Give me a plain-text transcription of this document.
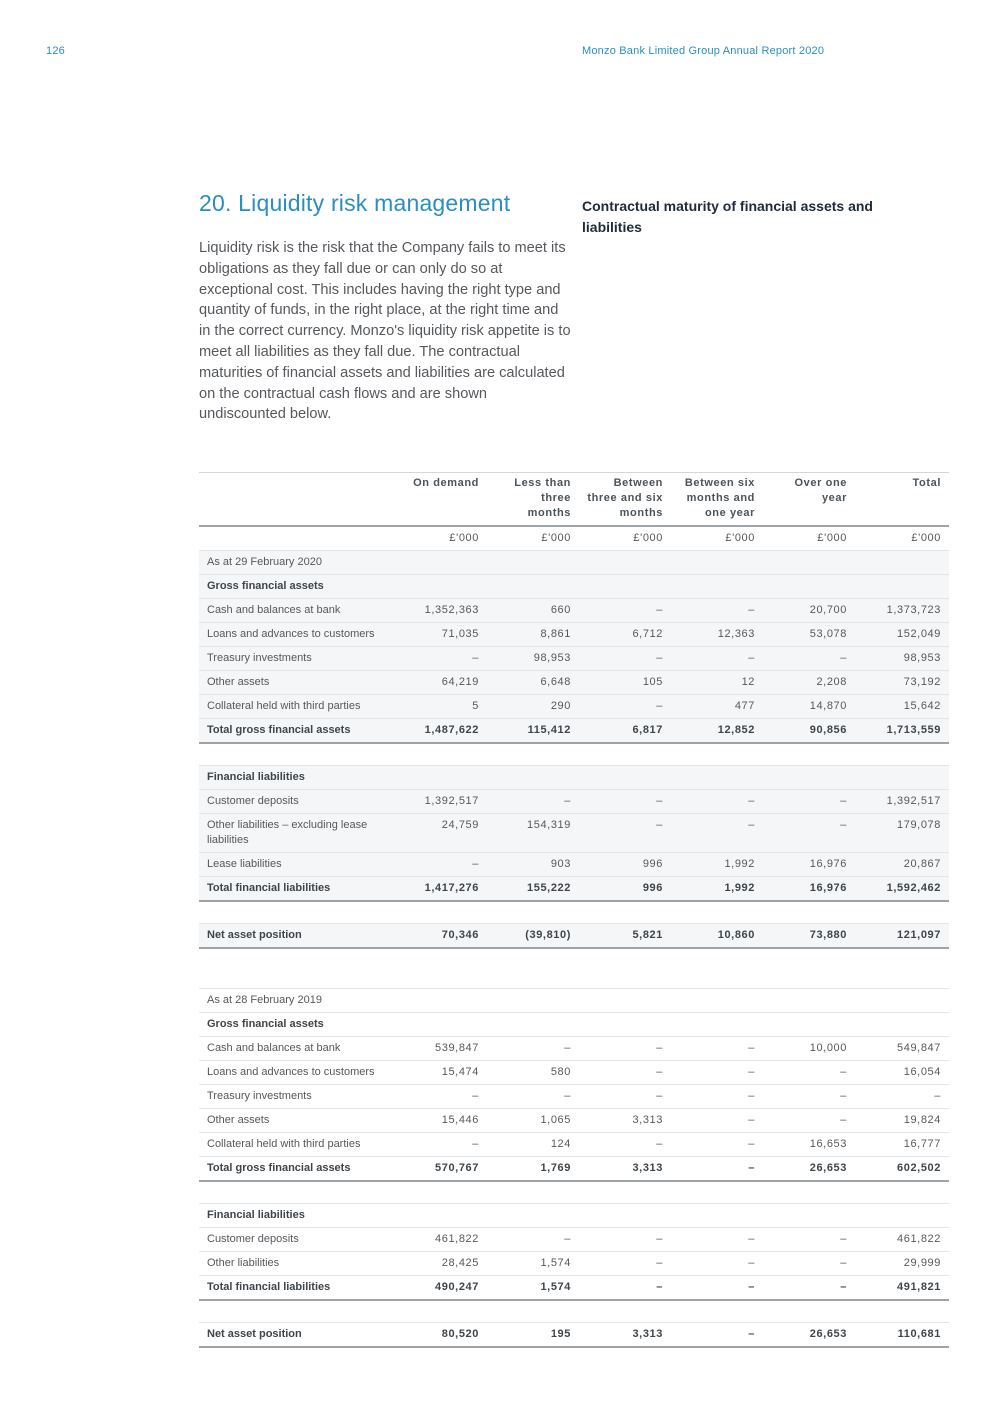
126	Monzo Bank Limited Group Annual Report 2020
20. Liquidity risk management

Liquidity risk is the risk that the Company fails to meet its obligations as they fall due or can only do so at exceptional cost. This includes having the right type and quantity of funds, in the right place, at the right time and in the correct currency. Monzo's liquidity risk appetite is to meet all liabilities as they fall due. The contractual maturities of financial assets and liabilities are calculated on the contractual cash flows and are shown undiscounted below.

Contractual maturity of financial assets and liabilities

	On demand	Less than three months	Between three and six months	Between six months and one year	Over one year	Total
	£'000	£'000	£'000	£'000	£'000	£'000
As at 29 February 2020						
Gross financial assets						
Cash and balances at bank	1,352,363	660	–	–	20,700	1,373,723
Loans and advances to customers	71,035	8,861	6,712	12,363	53,078	152,049
Treasury investments	–	98,953	–	–	–	98,953
Other assets	64,219	6,648	105	12	2,208	73,192
Collateral held with third parties	5	290	–	477	14,870	15,642
Total gross financial assets	1,487,622	115,412	6,817	12,852	90,856	1,713,559

Financial liabilities						
Customer deposits	1,392,517	–	–	–	–	1,392,517
Other liabilities – excluding lease liabilities	24,759	154,319	–	–	–	179,078
Lease liabilities	–	903	996	1,992	16,976	20,867
Total financial liabilities	1,417,276	155,222	996	1,992	16,976	1,592,462

Net asset position	70,346	(39,810)	5,821	10,860	73,880	121,097

As at 28 February 2019						
Gross financial assets						
Cash and balances at bank	539,847	–	–	–	10,000	549,847
Loans and advances to customers	15,474	580	–	–	–	16,054
Treasury investments	–	–	–	–	–	–
Other assets	15,446	1,065	3,313	–	–	19,824
Collateral held with third parties	–	124	–	–	16,653	16,777
Total gross financial assets	570,767	1,769	3,313	–	26,653	602,502

Financial liabilities						
Customer deposits	461,822	–	–	–	–	461,822
Other liabilities	28,425	1,574	–	–	–	29,999
Total financial liabilities	490,247	1,574	–	–	–	491,821

Net asset position	80,520	195	3,313	–	26,653	110,681
